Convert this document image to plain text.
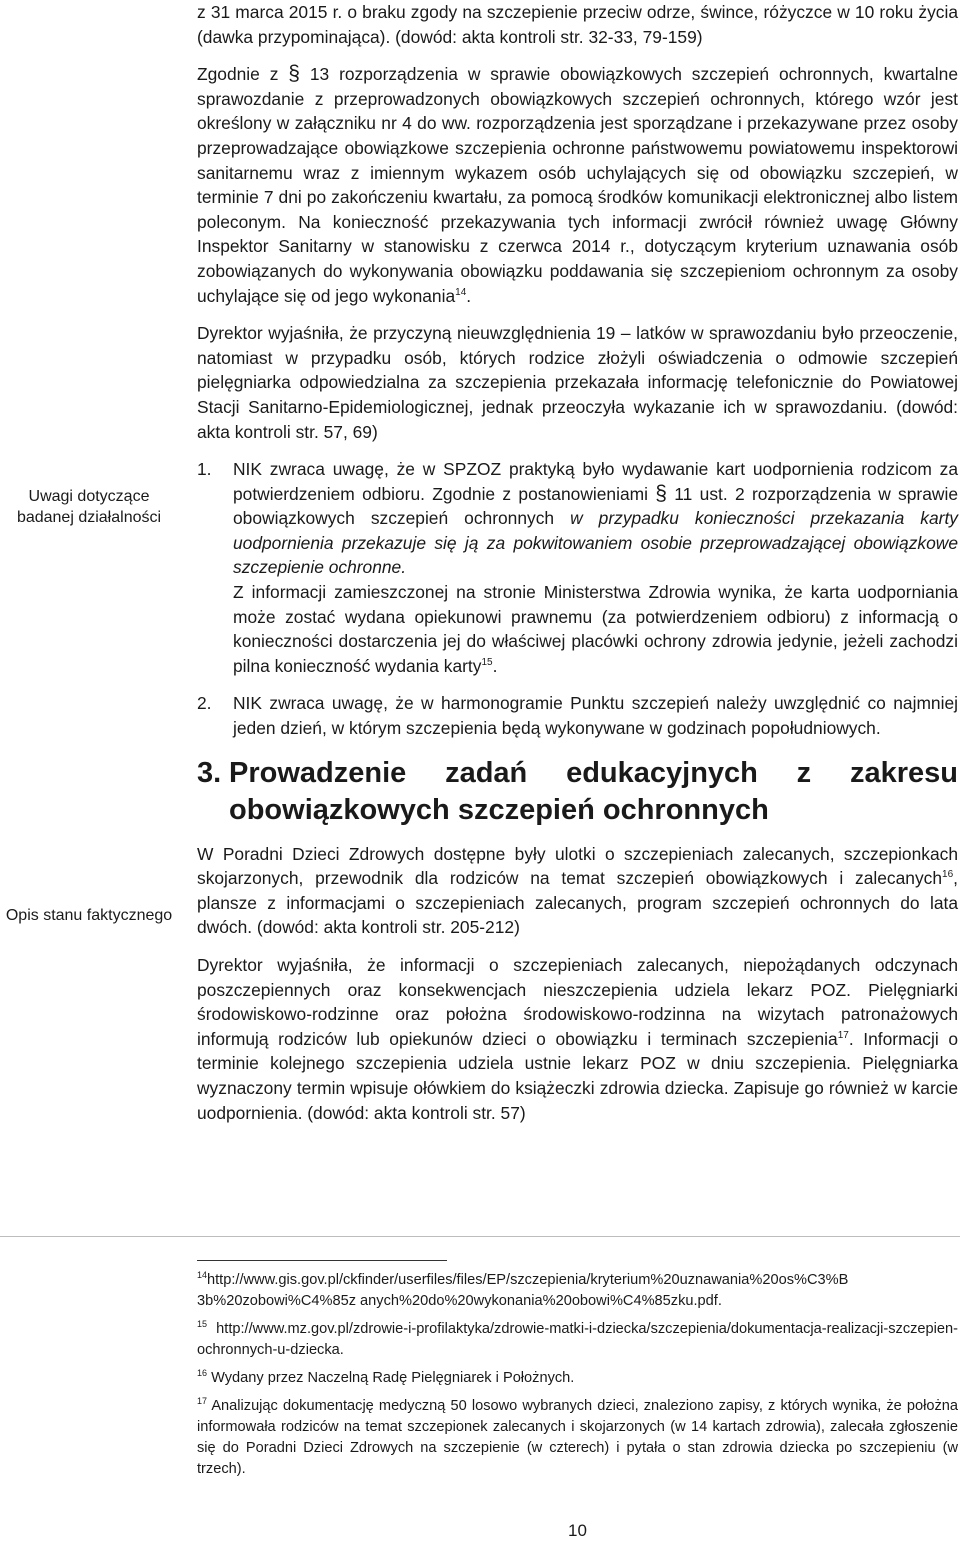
Uwagi dotyczące badanej działalności
Opis stanu faktycznego

z 31 marca 2015 r. o braku zgody na szczepienie przeciw odrze, śwince, różyczce w 10 roku życia (dawka przypominająca). (dowód: akta kontroli str. 32-33, 79-159)

Zgodnie z § 13 rozporządzenia w sprawie obowiązkowych szczepień ochronnych, kwartalne sprawozdanie z przeprowadzonych obowiązkowych szczepień ochronnych, którego wzór jest określony w załączniku nr 4 do ww. rozporządzenia jest sporządzane i przekazywane przez osoby przeprowadzające obowiązkowe szczepienia ochronne państwowemu powiatowemu inspektorowi sanitarnemu wraz z imiennym wykazem osób uchylających się od obowiązku szczepień, w terminie 7 dni po zakończeniu kwartału, za pomocą środków komunikacji elektronicznej albo listem poleconym. Na konieczność przekazywania tych informacji zwrócił również uwagę Główny Inspektor Sanitarny w stanowisku z czerwca 2014 r., dotyczącym kryterium uznawania osób zobowiązanych do wykonywania obowiązku poddawania się szczepieniom ochronnym za osoby uchylające się od jego wykonania$^{14}$.

Dyrektor wyjaśniła, że przyczyną nieuwzględnienia 19 – latków w sprawozdaniu było przeoczenie, natomiast w przypadku osób, których rodzice złożyli oświadczenia o odmowie szczepień pielęgniarka odpowiedzialna za szczepienia przekazała informację telefonicznie do Powiatowej Stacji Sanitarno-Epidemiologicznej, jednak przeoczyła wykazanie ich w sprawozdaniu. (dowód: akta kontroli str. 57, 69)

1. NIK zwraca uwagę, że w SPZOZ praktyką było wydawanie kart uodpornienia rodzicom za potwierdzeniem odbioru. Zgodnie z postanowieniami § 11 ust. 2 rozporządzenia w sprawie obowiązkowych szczepień ochronnych w przypadku konieczności przekazania karty uodpornienia przekazuje się ją za pokwitowaniem osobie przeprowadzającej obowiązkowe szczepienie ochronne.
Z informacji zamieszczonej na stronie Ministerstwa Zdrowia wynika, że karta uodporniania może zostać wydana opiekunowi prawnemu (za potwierdzeniem odbioru) z informacją o konieczności dostarczenia jej do właściwej placówki ochrony zdrowia jedynie, jeżeli zachodzi pilna konieczność wydania karty$^{15}$.
2. NIK zwraca uwagę, że w harmonogramie Punktu szczepień należy uwzględnić co najmniej jeden dzień, w którym szczepienia będą wykonywane w godzinach popołudniowych.
3. Prowadzenie zadań edukacyjnych z zakresu
obowiązkowych szczepień ochronnych

W Poradni Dzieci Zdrowych dostępne były ulotki o szczepieniach zalecanych, szczepionkach skojarzonych, przewodnik dla rodziców na temat szczepień obowiązkowych i zalecanych$^{16}$, plansze z informacjami o szczepieniach zalecanych, program szczepień ochronnych do lata dwóch. (dowód: akta kontroli str. 205-212)

Dyrektor wyjaśniła, że informacji o szczepieniach zalecanych, niepożądanych odczynach poszczepiennych oraz konsekwencjach nieszczepienia udziela lekarz POZ. Pielęgniarki środowiskowo-rodzinne oraz położna środowiskowo-rodzinna na wizytach patronażowych informują rodziców lub opiekunów dzieci o obowiązku i terminach szczepienia$^{17}$. Informacji o terminie kolejnego szczepienia udziela ustnie lekarz POZ w dniu szczepienia. Pielęgniarka wyznaczony termin wpisuje ołówkiem do książeczki zdrowia dziecka. Zapisuje go również w karcie uodpornienia. (dowód: akta kontroli str. 57)

$^{14}$http://www.gis.gov.pl/ckfinder/userfiles/files/EP/szczepienia/kryterium%20uznawania%20os%C3%B 3b%20zobowi%C4%85z anych%20do%20wykonania%20obowi%C4%85zku.pdf.

$^{15}$ http://www.mz.gov.pl/zdrowie-i-profilaktyka/zdrowie-matki-i-dziecka/szczepienia/dokumentacja-realizacji-szczepien-ochronnych-u-dziecka.

$^{16}$ Wydany przez Naczelną Radę Pielęgniarek i Położnych.

$^{17}$ Analizując dokumentację medyczną 50 losowo wybranych dzieci, znaleziono zapisy, z których wynika, że położna informowała rodziców na temat szczepionek zalecanych i skojarzonych (w 14 kartach zdrowia), zalecała zgłoszenie się do Poradni Dzieci Zdrowych na szczepienie (w czterech) i pytała o stan zdrowia dziecka po szczepieniu (w trzech).

10
